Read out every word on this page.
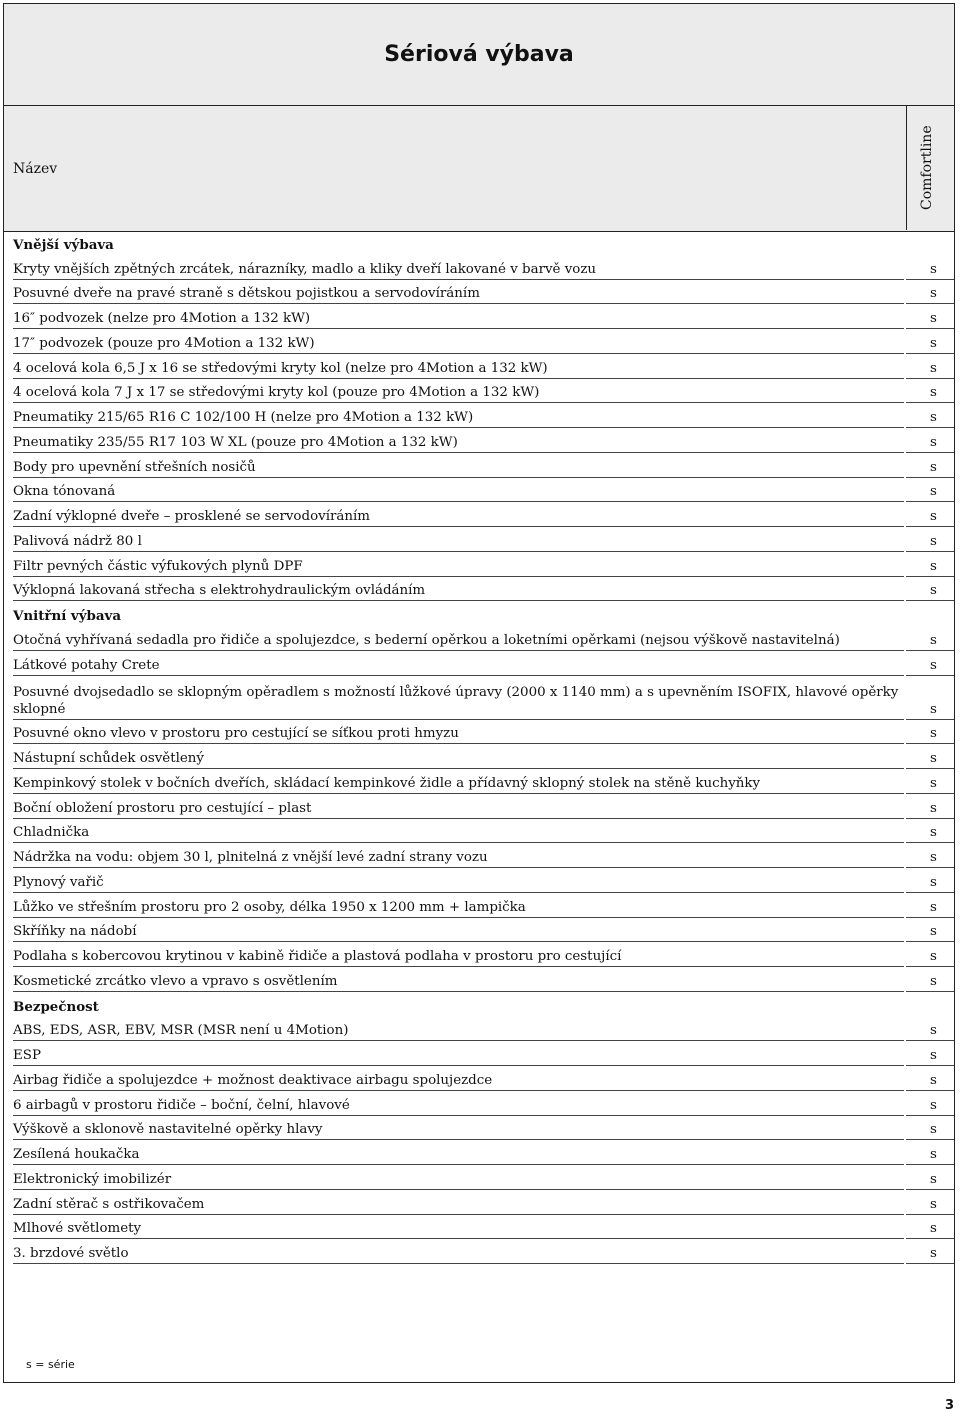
Sériová výbava
Název	Comfortline
Vnější výbava
Kryty vnějších zpětných zrcátek, nárazníky, madlo a kliky dveří lakované v barvě vozu	s
Posuvné dveře na pravé straně s dětskou pojistkou a servodovíráním	s
16″ podvozek (nelze pro 4Motion a 132 kW)	s
17″ podvozek (pouze pro 4Motion a 132 kW)	s
4 ocelová kola 6,5 J x 16 se středovými kryty kol (nelze pro 4Motion a 132 kW)	s
4 ocelová kola 7 J x 17 se středovými kryty kol (pouze pro 4Motion a 132 kW)	s
Pneumatiky 215/65 R16 C 102/100 H (nelze pro 4Motion a 132 kW)	s
Pneumatiky 235/55 R17 103 W XL (pouze pro 4Motion a 132 kW)	s
Body pro upevnění střešních nosičů	s
Okna tónovaná	s
Zadní výklopné dveře – prosklené se servodovíráním	s
Palivová nádrž 80 l	s
Filtr pevných částic výfukových plynů DPF	s
Výklopná lakovaná střecha s elektrohydraulickým ovládáním	s
Vnitřní výbava
Otočná vyhřívaná sedadla pro řidiče a spolujezdce, s bederní opěrkou a loketními opěrkami (nejsou výškově nastavitelná)	s
Látkové potahy Crete	s
Posuvné dvojsedadlo se sklopným opěradlem s možností lůžkové úpravy (2000 x 1140 mm) a s upevněním ISOFIX, hlavové opěrky sklopné	s
Posuvné okno vlevo v prostoru pro cestující se síťkou proti hmyzu	s
Nástupní schůdek osvětlený	s
Kempinkový stolek v bočních dveřích, skládací kempinkové židle a přídavný sklopný stolek na stěně kuchyňky	s
Boční obložení prostoru pro cestující – plast	s
Chladnička	s
Nádržka na vodu: objem 30 l, plnitelná z vnější levé zadní strany vozu	s
Plynový vařič	s
Lůžko ve střešním prostoru pro 2 osoby, délka 1950 x 1200 mm + lampička	s
Skříňky na nádobí	s
Podlaha s kobercovou krytinou v kabině řidiče a plastová podlaha v prostoru pro cestující	s
Kosmetické zrcátko vlevo a vpravo s osvětlením	s
Bezpečnost
ABS, EDS, ASR, EBV, MSR (MSR není u 4Motion)	s
ESP	s
Airbag řidiče a spolujezdce + možnost deaktivace airbagu spolujezdce	s
6 airbagů v prostoru řidiče – boční, čelní, hlavové	s
Výškově a sklonově nastavitelné opěrky hlavy	s
Zesílená houkačka	s
Elektronický imobilizér	s
Zadní stěrač s ostřikovačem	s
Mlhové světlomety	s
3. brzdové světlo	s
s = série
3
